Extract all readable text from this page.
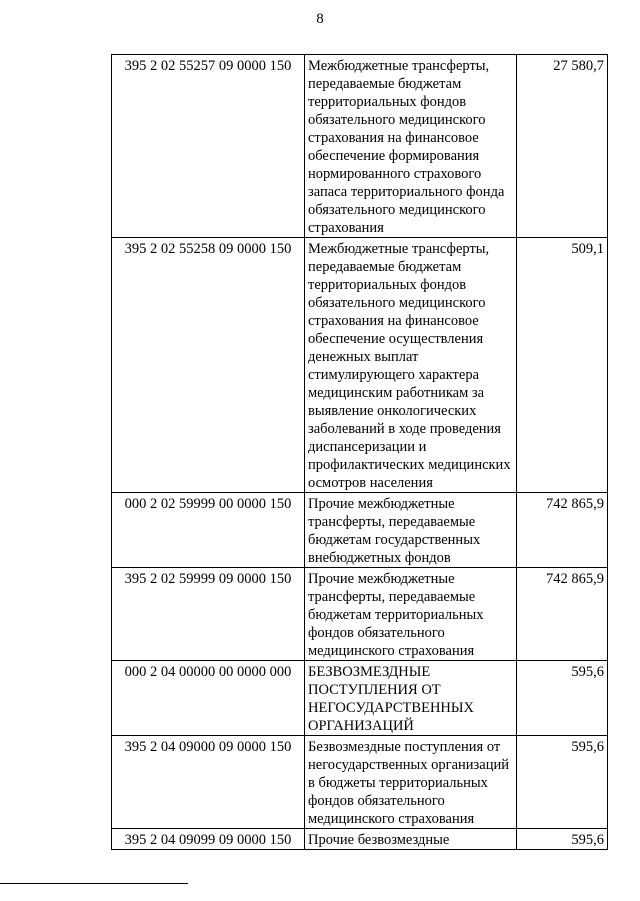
8
395 2 02 55257 09 0000 150	Межбюджетные трансферты, передаваемые бюджетам территориальных фондов обязательного медицинского страхования на финансовое обеспечение формирования нормированного страхового запаса территориального фонда обязательного медицинского страхования	27 580,7
395 2 02 55258 09 0000 150	Межбюджетные трансферты, передаваемые бюджетам территориальных фондов обязательного медицинского страхования на финансовое обеспечение осуществления денежных выплат стимулирующего характера медицинским работникам за выявление онкологических заболеваний в ходе проведения диспансеризации и профилактических медицинских осмотров населения	509,1
000 2 02 59999 00 0000 150	Прочие межбюджетные трансферты, передаваемые бюджетам государственных внебюджетных фондов	742 865,9
395 2 02 59999 09 0000 150	Прочие межбюджетные трансферты, передаваемые бюджетам территориальных фондов обязательного медицинского страхования	742 865,9
000 2 04 00000 00 0000 000	БЕЗВОЗМЕЗДНЫЕ ПОСТУПЛЕНИЯ ОТ НЕГОСУДАРСТВЕННЫХ ОРГАНИЗАЦИЙ	595,6
395 2 04 09000 09 0000 150	Безвозмездные поступления от негосударственных организаций в бюджеты территориальных фондов обязательного медицинского страхования	595,6
395 2 04 09099 09 0000 150	Прочие безвозмездные	595,6
